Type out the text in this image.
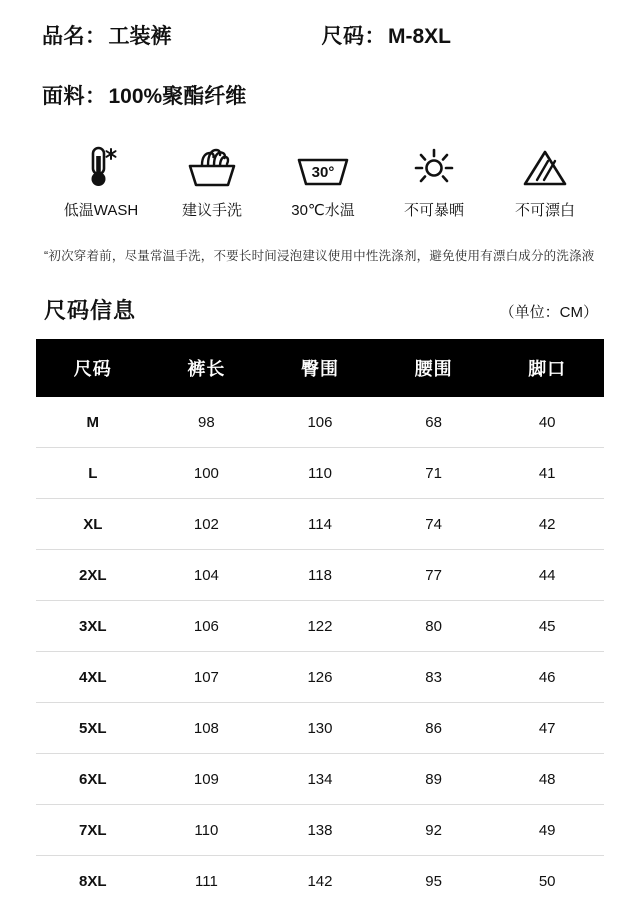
品名： 工装裤	尺码： M-8XL
面料： 100%聚酯纤维
低温WASH	建议手洗
30°
30℃水温	不可暴晒	不可漂白
“初次穿着前，尽量常温手洗，不要长时间浸泡建议使用中性洗涤剂，避免使用有漂白成分的洗涤液
尺码信息	（单位：CM）
尺码	裤长	臀围	腰围	脚口
M	98	106	68	40
L	100	110	71	41
XL	102	114	74	42
2XL	104	118	77	44
3XL	106	122	80	45
4XL	107	126	83	46
5XL	108	130	86	47
6XL	109	134	89	48
7XL	110	138	92	49
8XL	111	142	95	50
